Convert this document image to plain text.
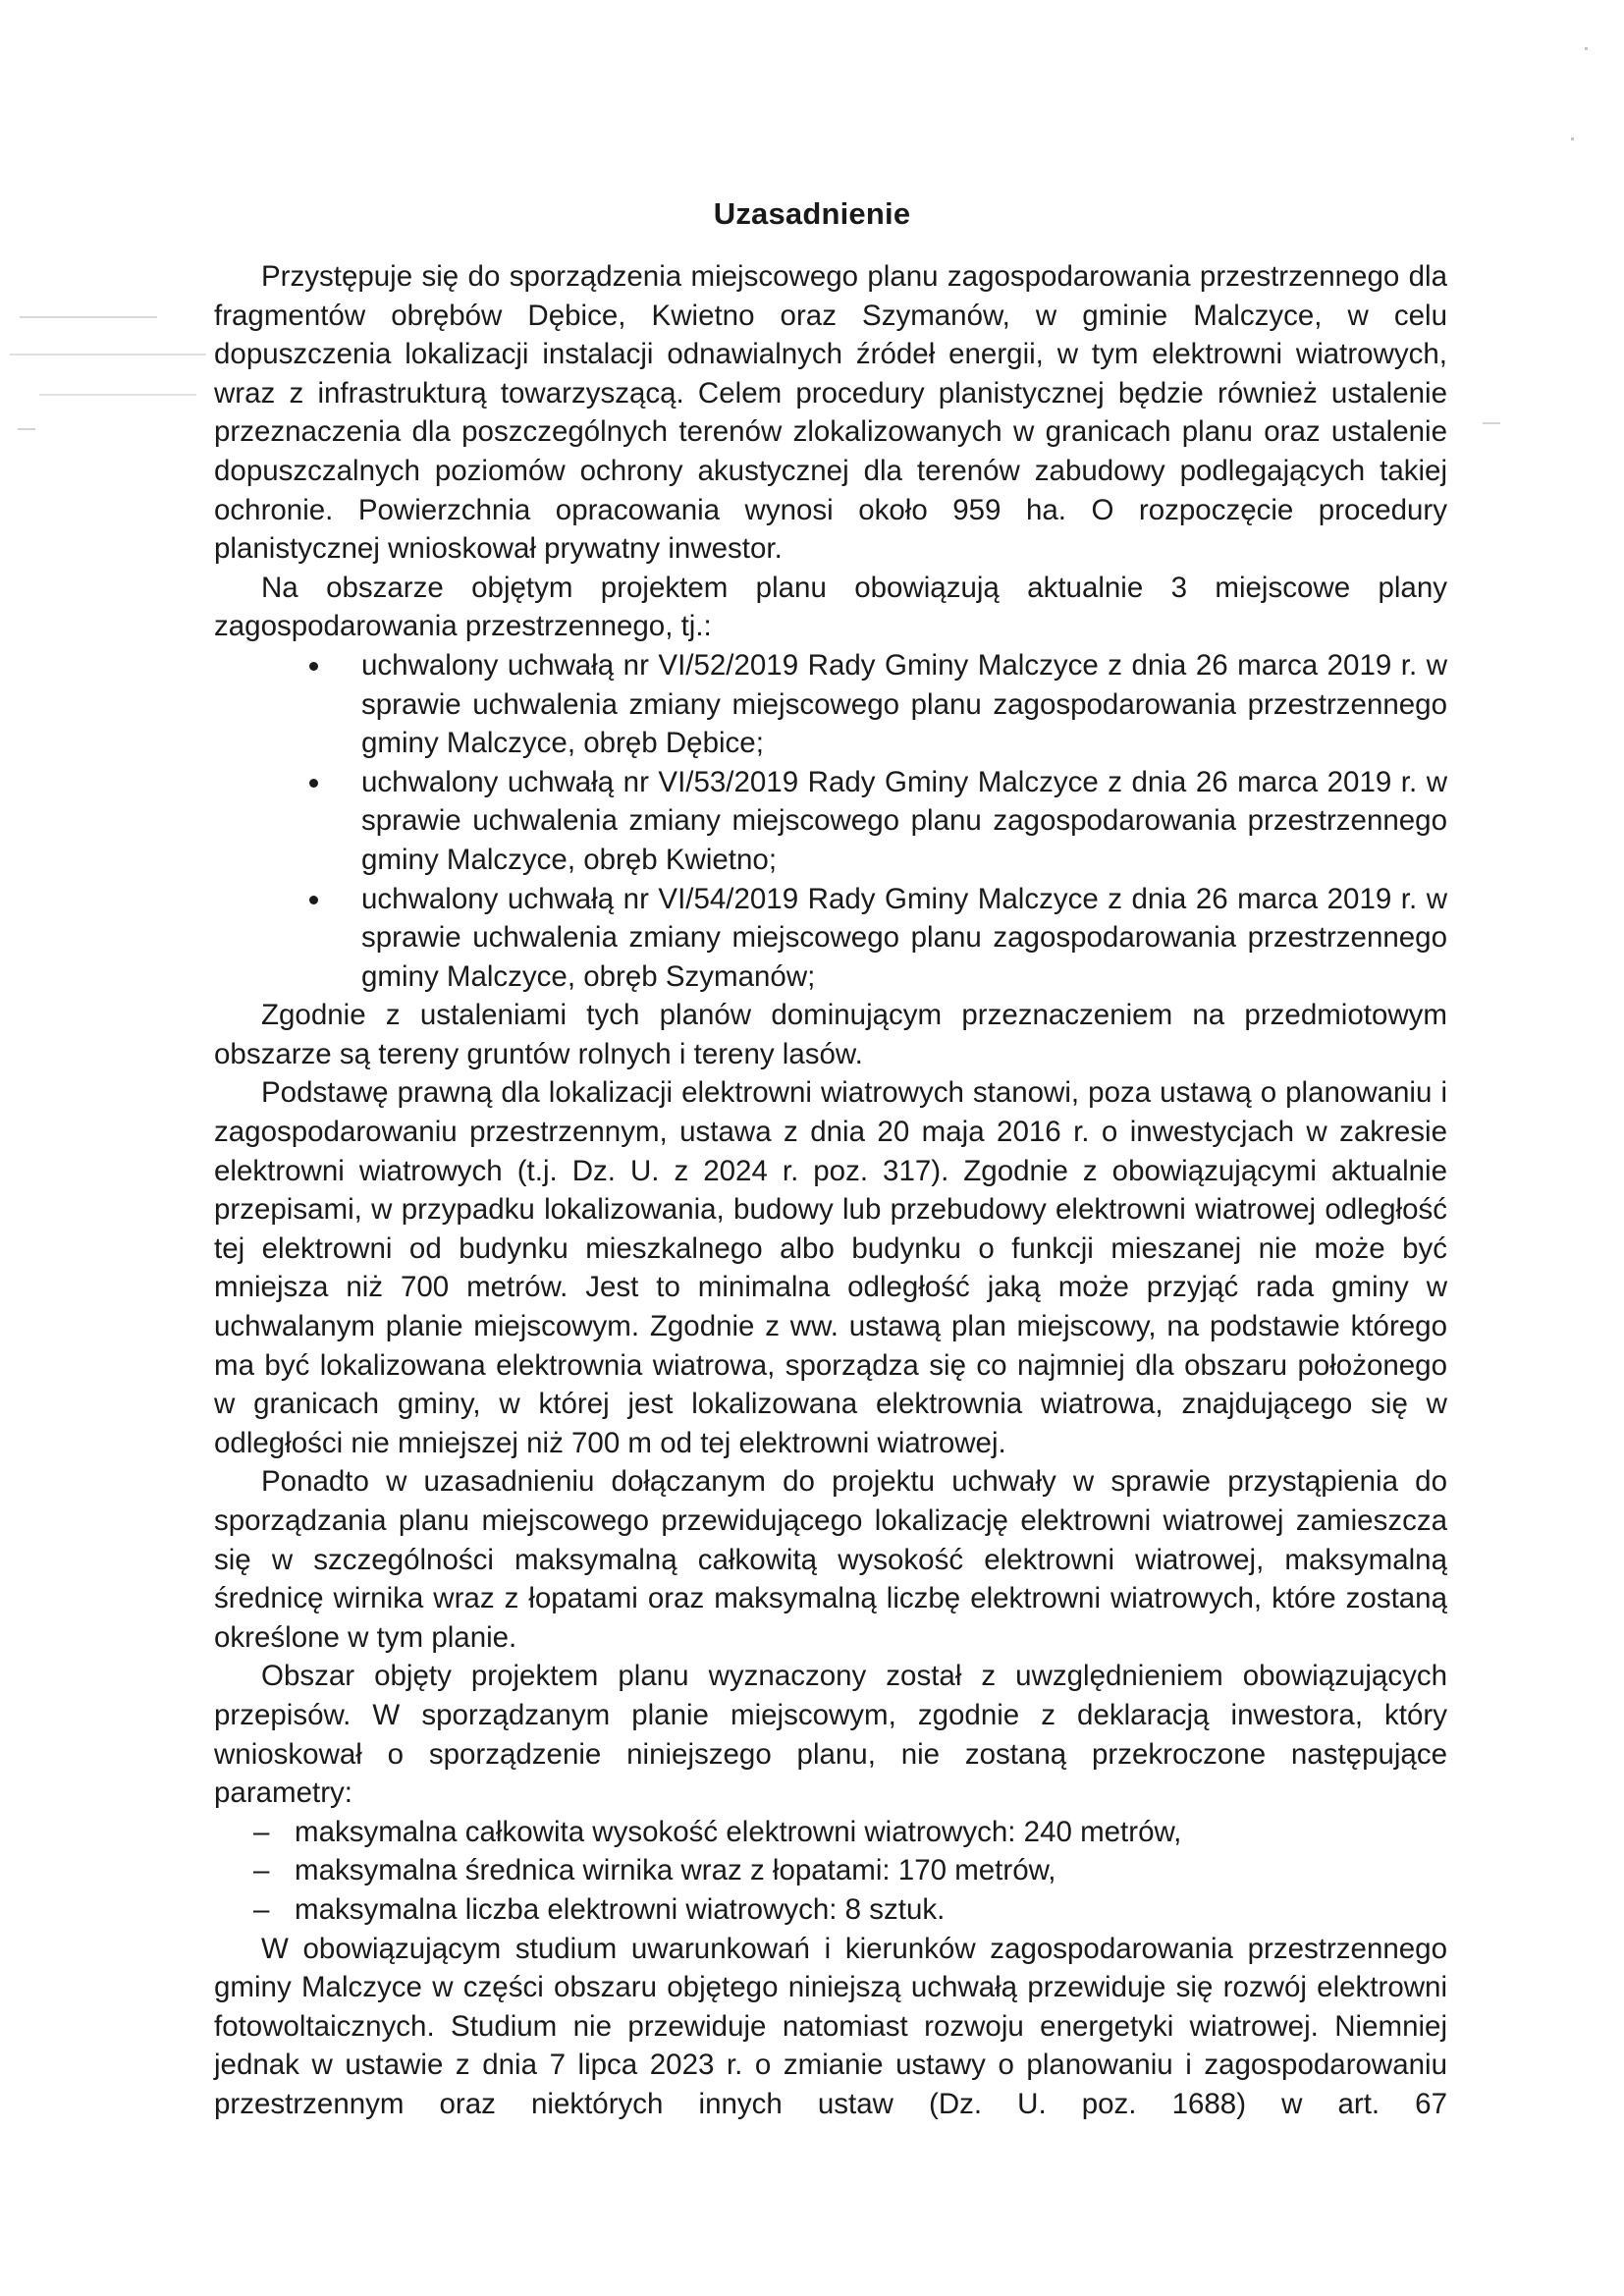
Uzasadnienie

Przystępuje się do sporządzenia miejscowego planu zagospodarowania przestrzennego dla fragmentów obrębów Dębice, Kwietno oraz Szymanów, w gminie Malczyce, w celu dopuszczenia lokalizacji instalacji odnawialnych źródeł energii, w tym elektrowni wiatrowych, wraz z infrastrukturą towarzyszącą. Celem procedury planistycznej będzie również ustalenie przeznaczenia dla poszczególnych terenów zlokalizowanych w granicach planu oraz ustalenie dopuszczalnych poziomów ochrony akustycznej dla terenów zabudowy podlegających takiej ochronie. Powierzchnia opracowania wynosi około 959 ha. O rozpoczęcie procedury planistycznej wnioskował prywatny inwestor.

Na obszarze objętym projektem planu obowiązują aktualnie 3 miejscowe plany zagospodarowania przestrzennego, tj.:

uchwalony uchwałą nr VI/52/2019 Rady Gminy Malczyce z dnia 26 marca 2019 r. w sprawie uchwalenia zmiany miejscowego planu zagospodarowania przestrzennego gminy Malczyce, obręb Dębice;
uchwalony uchwałą nr VI/53/2019 Rady Gminy Malczyce z dnia 26 marca 2019 r. w sprawie uchwalenia zmiany miejscowego planu zagospodarowania przestrzennego gminy Malczyce, obręb Kwietno;
uchwalony uchwałą nr VI/54/2019 Rady Gminy Malczyce z dnia 26 marca 2019 r. w sprawie uchwalenia zmiany miejscowego planu zagospodarowania przestrzennego gminy Malczyce, obręb Szymanów;

Zgodnie z ustaleniami tych planów dominującym przeznaczeniem na przedmiotowym obszarze są tereny gruntów rolnych i tereny lasów.

Podstawę prawną dla lokalizacji elektrowni wiatrowych stanowi, poza ustawą o planowaniu i zagospodarowaniu przestrzennym, ustawa z dnia 20 maja 2016 r. o inwestycjach w zakresie elektrowni wiatrowych (t.j. Dz. U. z 2024 r. poz. 317). Zgodnie z obowiązującymi aktualnie przepisami, w przypadku lokalizowania, budowy lub przebudowy elektrowni wiatrowej odległość tej elektrowni od budynku mieszkalnego albo budynku o funkcji mieszanej nie może być mniejsza niż 700 metrów. Jest to minimalna odległość jaką może przyjąć rada gminy w uchwalanym planie miejscowym. Zgodnie z ww. ustawą plan miejscowy, na podstawie którego ma być lokalizowana elektrownia wiatrowa, sporządza się co najmniej dla obszaru położonego w granicach gminy, w której jest lokalizowana elektrownia wiatrowa, znajdującego się w odległości nie mniejszej niż 700 m od tej elektrowni wiatrowej.

Ponadto w uzasadnieniu dołączanym do projektu uchwały w sprawie przystąpienia do sporządzania planu miejscowego przewidującego lokalizację elektrowni wiatrowej zamieszcza się w szczególności maksymalną całkowitą wysokość elektrowni wiatrowej, maksymalną średnicę wirnika wraz z łopatami oraz maksymalną liczbę elektrowni wiatrowych, które zostaną określone w tym planie.

Obszar objęty projektem planu wyznaczony został z uwzględnieniem obowiązujących przepisów. W sporządzanym planie miejscowym, zgodnie z deklaracją inwestora, który wnioskował o sporządzenie niniejszego planu, nie zostaną przekroczone następujące parametry:

– maksymalna całkowita wysokość elektrowni wiatrowych: 240 metrów,
– maksymalna średnica wirnika wraz z łopatami: 170 metrów,
– maksymalna liczba elektrowni wiatrowych: 8 sztuk.

W obowiązującym studium uwarunkowań i kierunków zagospodarowania przestrzennego gminy Malczyce w części obszaru objętego niniejszą uchwałą przewiduje się rozwój elektrowni fotowoltaicznych. Studium nie przewiduje natomiast rozwoju energetyki wiatrowej. Niemniej jednak w ustawie z dnia 7 lipca 2023 r. o zmianie ustawy o planowaniu i zagospodarowaniu przestrzennym oraz niektórych innych ustaw (Dz. U. poz. 1688) w art. 67
